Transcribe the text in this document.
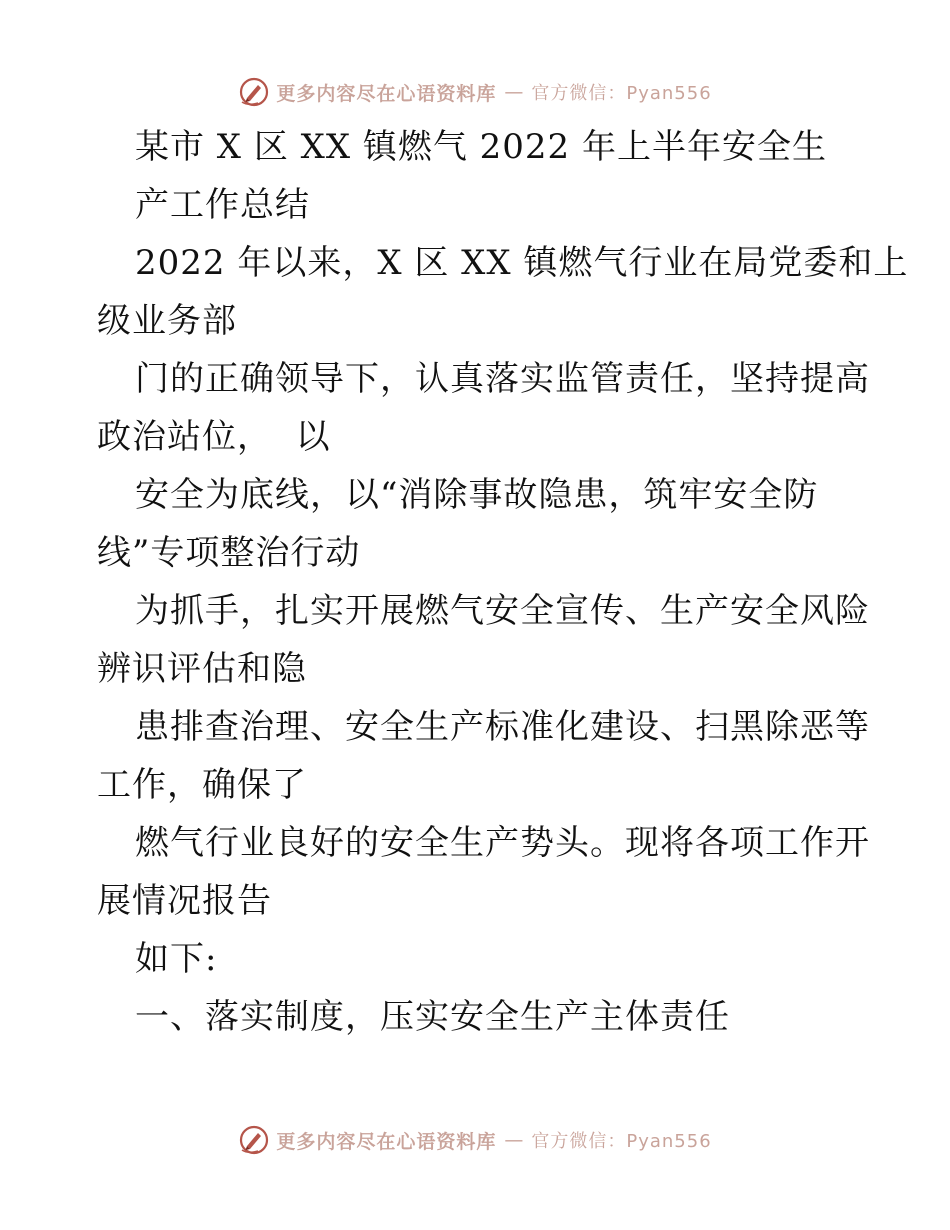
更多内容尽在心语资料库 — 官方微信：Pyan556
某市 X 区 XX 镇燃气 2022 年上半年安全生
产工作总结
2022 年以来，X 区 XX 镇燃气行业在局党委和上
级业务部
门的正确领导下，认真落实监管责任，坚持提高
政治站位，  以
安全为底线，以“消除事故隐患，筑牢安全防
线”专项整治行动
为抓手，扎实开展燃气安全宣传、生产安全风险
辨识评估和隐
患排查治理、安全生产标准化建设、扫黑除恶等
工作，确保了
燃气行业良好的安全生产势头。现将各项工作开
展情况报告
如下:
一、落实制度，压实安全生产主体责任
更多内容尽在心语资料库 — 官方微信：Pyan556
